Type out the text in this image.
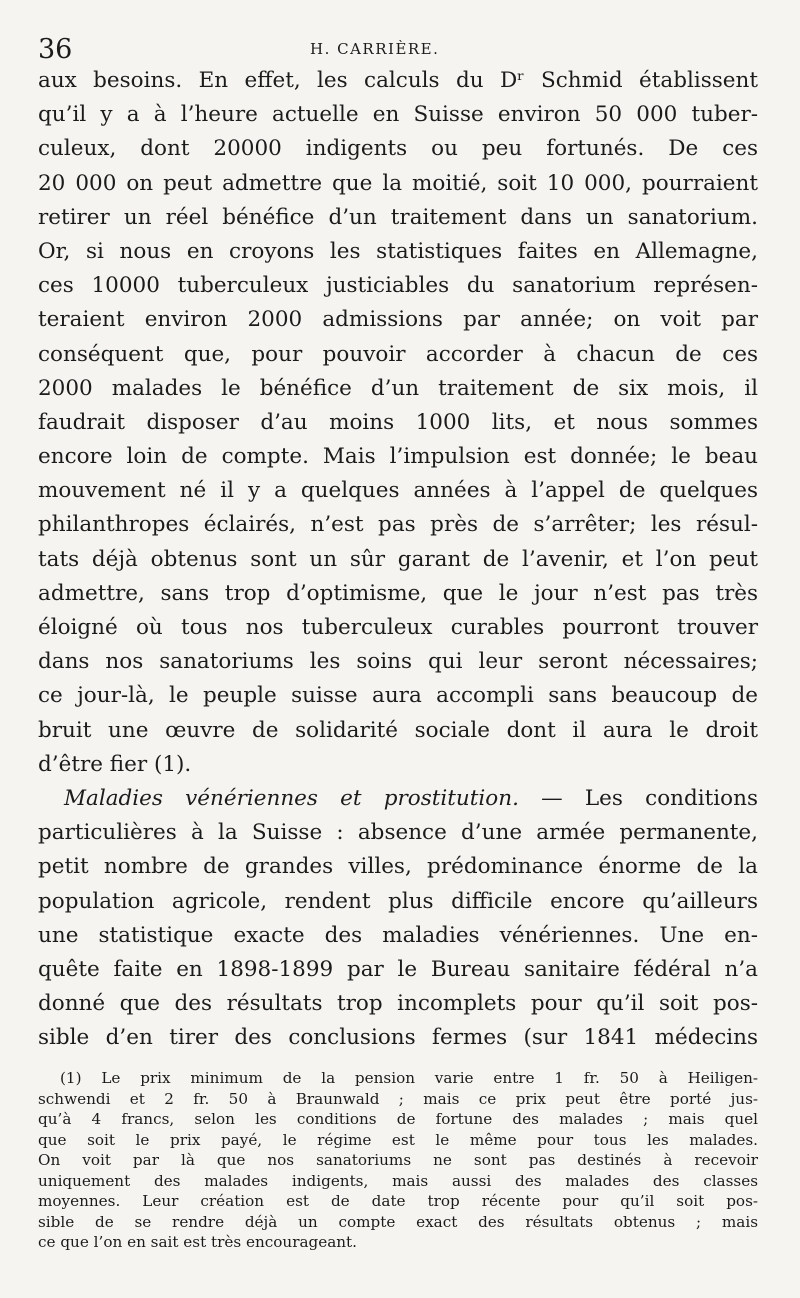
36	H. CARRIÈRE.
aux besoins. En effet, les calculs du Dʳ Schmid établissent
qu’il y a à l’heure actuelle en Suisse environ 50 000 tuber-
culeux, dont 20000 indigents ou peu fortunés. De ces
20 000 on peut admettre que la moitié, soit 10 000, pourraient
retirer un réel bénéfice d’un traitement dans un sanatorium.
Or, si nous en croyons les statistiques faites en Allemagne,
ces 10000 tuberculeux justiciables du sanatorium représen-
teraient environ 2000 admissions par année; on voit par
conséquent que, pour pouvoir accorder à chacun de ces
2000 malades le bénéfice d’un traitement de six mois, il
faudrait disposer d’au moins 1000 lits, et nous sommes
encore loin de compte. Mais l’impulsion est donnée; le beau
mouvement né il y a quelques années à l’appel de quelques
philanthropes éclairés, n’est pas près de s’arrêter; les résul-
tats déjà obtenus sont un sûr garant de l’avenir, et l’on peut
admettre, sans trop d’optimisme, que le jour n’est pas très
éloigné où tous nos tuberculeux curables pourront trouver
dans nos sanatoriums les soins qui leur seront nécessaires;
ce jour-là, le peuple suisse aura accompli sans beaucoup de
bruit une œuvre de solidarité sociale dont il aura le droit
d’être fier (1).
Maladies vénériennes et prostitution. — Les conditions
particulières à la Suisse : absence d’une armée permanente,
petit nombre de grandes villes, prédominance énorme de la
population agricole, rendent plus difficile encore qu’ailleurs
une statistique exacte des maladies vénériennes. Une en-
quête faite en 1898-1899 par le Bureau sanitaire fédéral n’a
donné que des résultats trop incomplets pour qu’il soit pos-
sible d’en tirer des conclusions fermes (sur 1841 médecins
(1) Le prix minimum de la pension varie entre 1 fr. 50 à Heiligen-
schwendi et 2 fr. 50 à Braunwald ; mais ce prix peut être porté jus-
qu’à 4 francs, selon les conditions de fortune des malades ; mais quel
que soit le prix payé, le régime est le même pour tous les malades.
On voit par là que nos sanatoriums ne sont pas destinés à recevoir
uniquement des malades indigents, mais aussi des malades des classes
moyennes. Leur création est de date trop récente pour qu’il soit pos-
sible de se rendre déjà un compte exact des résultats obtenus ; mais
ce que l’on en sait est très encourageant.
